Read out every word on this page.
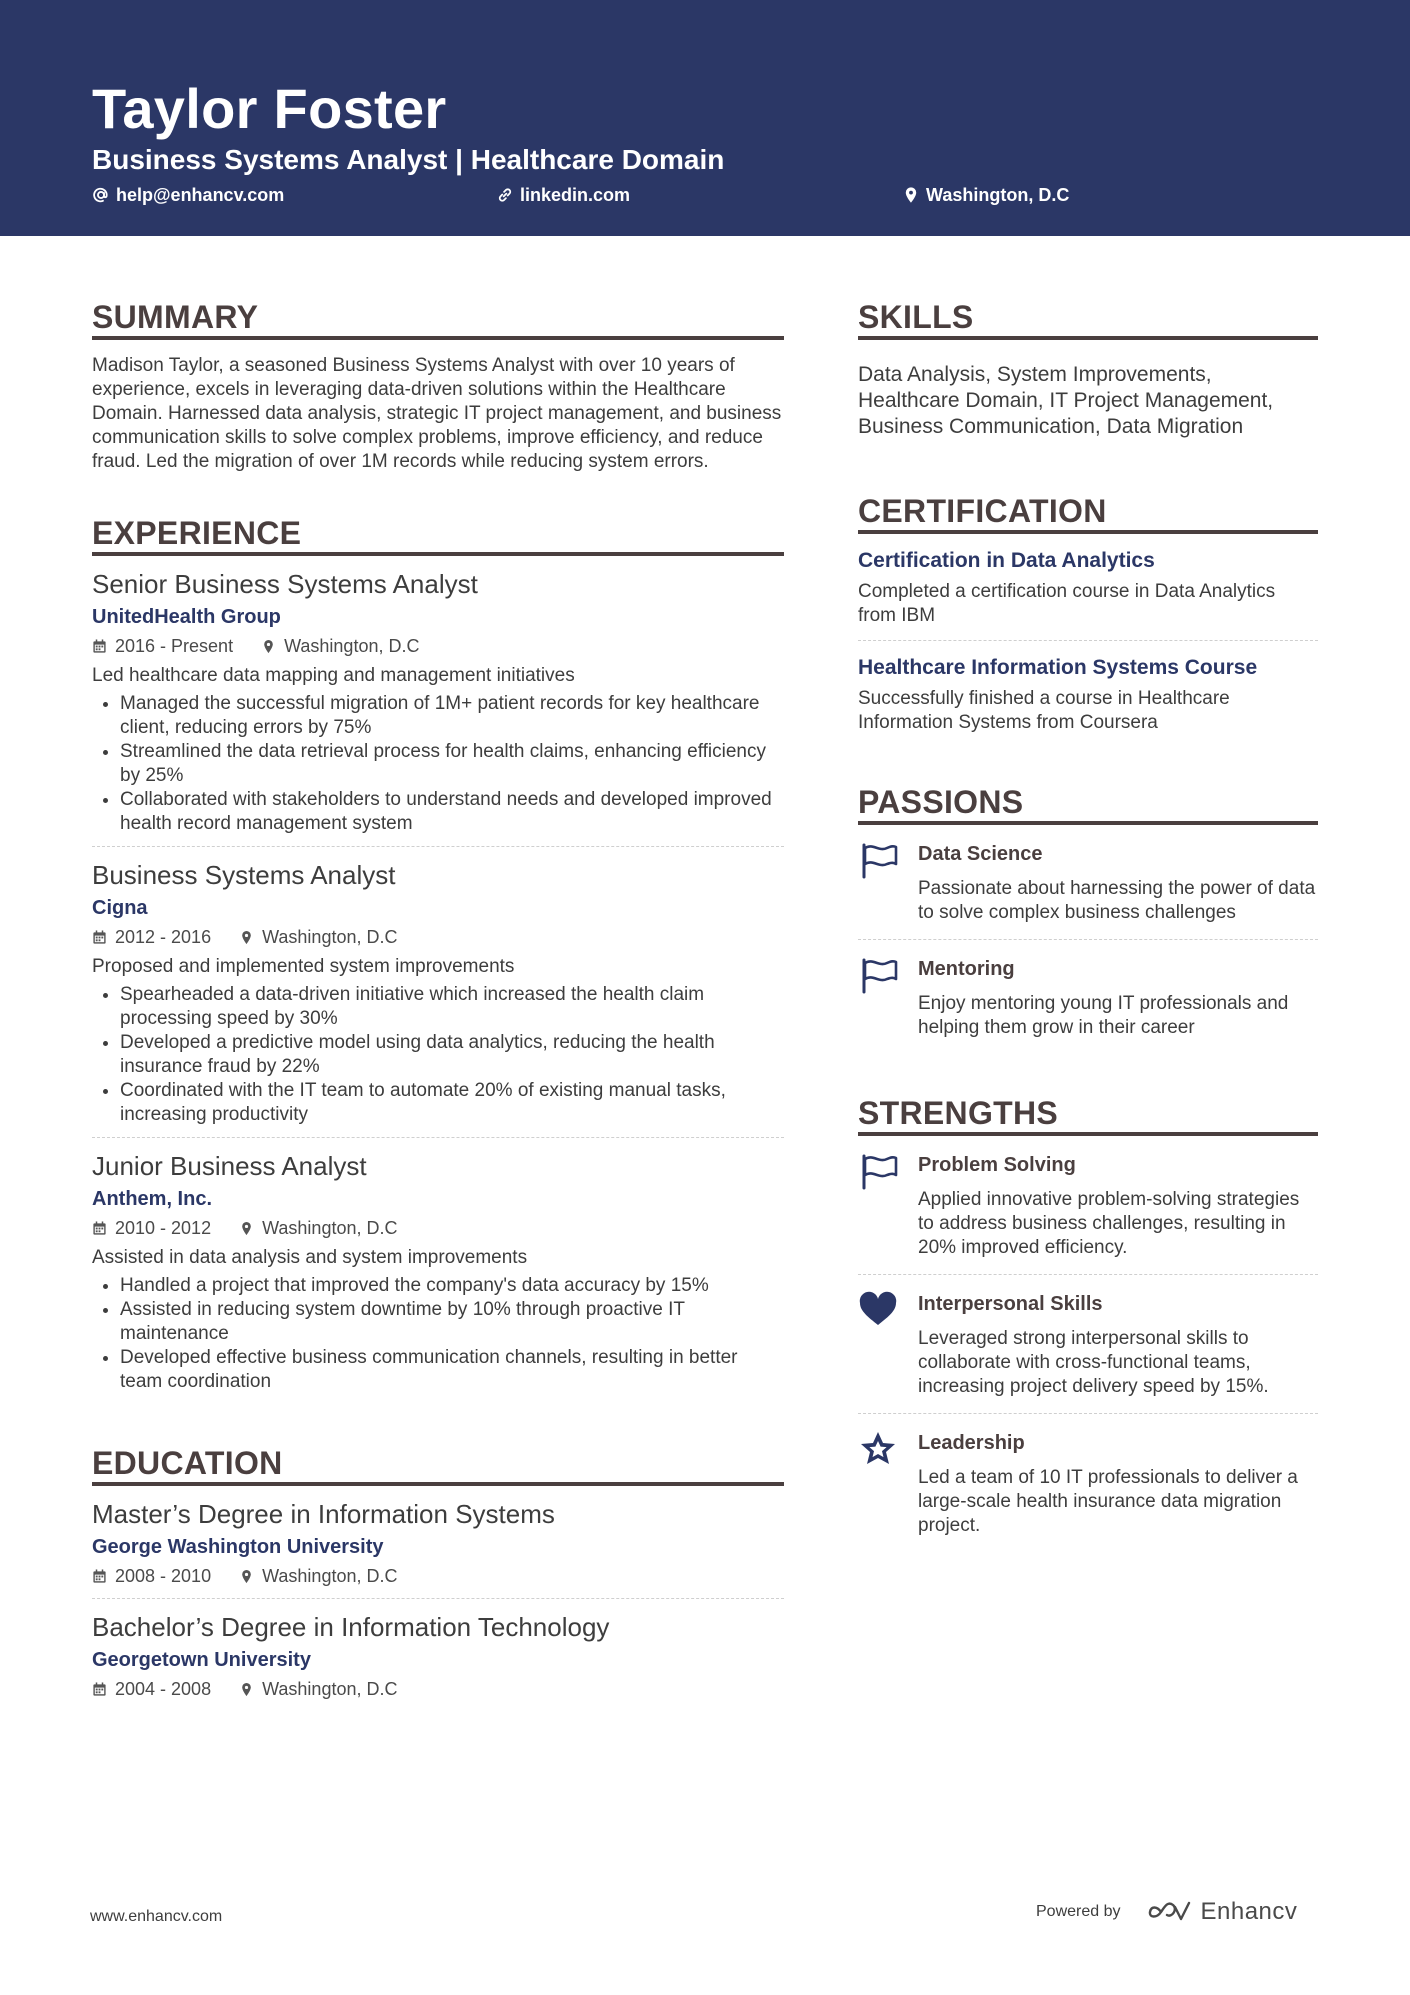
Taylor Foster
Business Systems Analyst | Healthcare Domain
help@enhancv.com	linkedin.com	Washington, D.C
SUMMARY

Madison Taylor, a seasoned Business Systems Analyst with over 10 years of experience, excels in leveraging data-driven solutions within the Healthcare Domain. Harnessed data analysis, strategic IT project management, and business communication skills to solve complex problems, improve efficiency, and reduce fraud. Led the migration of over 1M records while reducing system errors.

EXPERIENCE

Senior Business Systems Analyst

UnitedHealth Group

2016 - Present	Washington, D.C

Led healthcare data mapping and management initiatives

• Managed the successful migration of 1M+ patient records for key healthcare client, reducing errors by 75%
• Streamlined the data retrieval process for health claims, enhancing efficiency by 25%
• Collaborated with stakeholders to understand needs and developed improved health record management system

Business Systems Analyst

Cigna

2012 - 2016	Washington, D.C

Proposed and implemented system improvements

• Spearheaded a data-driven initiative which increased the health claim processing speed by 30%
• Developed a predictive model using data analytics, reducing the health insurance fraud by 22%
• Coordinated with the IT team to automate 20% of existing manual tasks, increasing productivity

Junior Business Analyst

Anthem, Inc.

2010 - 2012	Washington, D.C

Assisted in data analysis and system improvements

• Handled a project that improved the company's data accuracy by 15%
• Assisted in reducing system downtime by 10% through proactive IT maintenance
• Developed effective business communication channels, resulting in better team coordination
EDUCATION

Master’s Degree in Information Systems

George Washington University

2008 - 2010	Washington, D.C

Bachelor’s Degree in Information Technology

Georgetown University

2004 - 2008	Washington, D.C
SKILLS

Data Analysis, System Improvements, Healthcare Domain, IT Project Management, Business Communication, Data Migration

CERTIFICATION

Certification in Data Analytics

Completed a certification course in Data Analytics from IBM

Healthcare Information Systems Course

Successfully finished a course in Healthcare Information Systems from Coursera

PASSIONS

Data Science

Passionate about harnessing the power of data to solve complex business challenges

Mentoring

Enjoy mentoring young IT professionals and helping them grow in their career

STRENGTHS

Problem Solving

Applied innovative problem-solving strategies to address business challenges, resulting in 20% improved efficiency.

Interpersonal Skills

Leveraged strong interpersonal skills to collaborate with cross-functional teams, increasing project delivery speed by 15%.

Leadership

Led a team of 10 IT professionals to deliver a large-scale health insurance data migration project.

www.enhancv.com	Powered by	Enhancv
